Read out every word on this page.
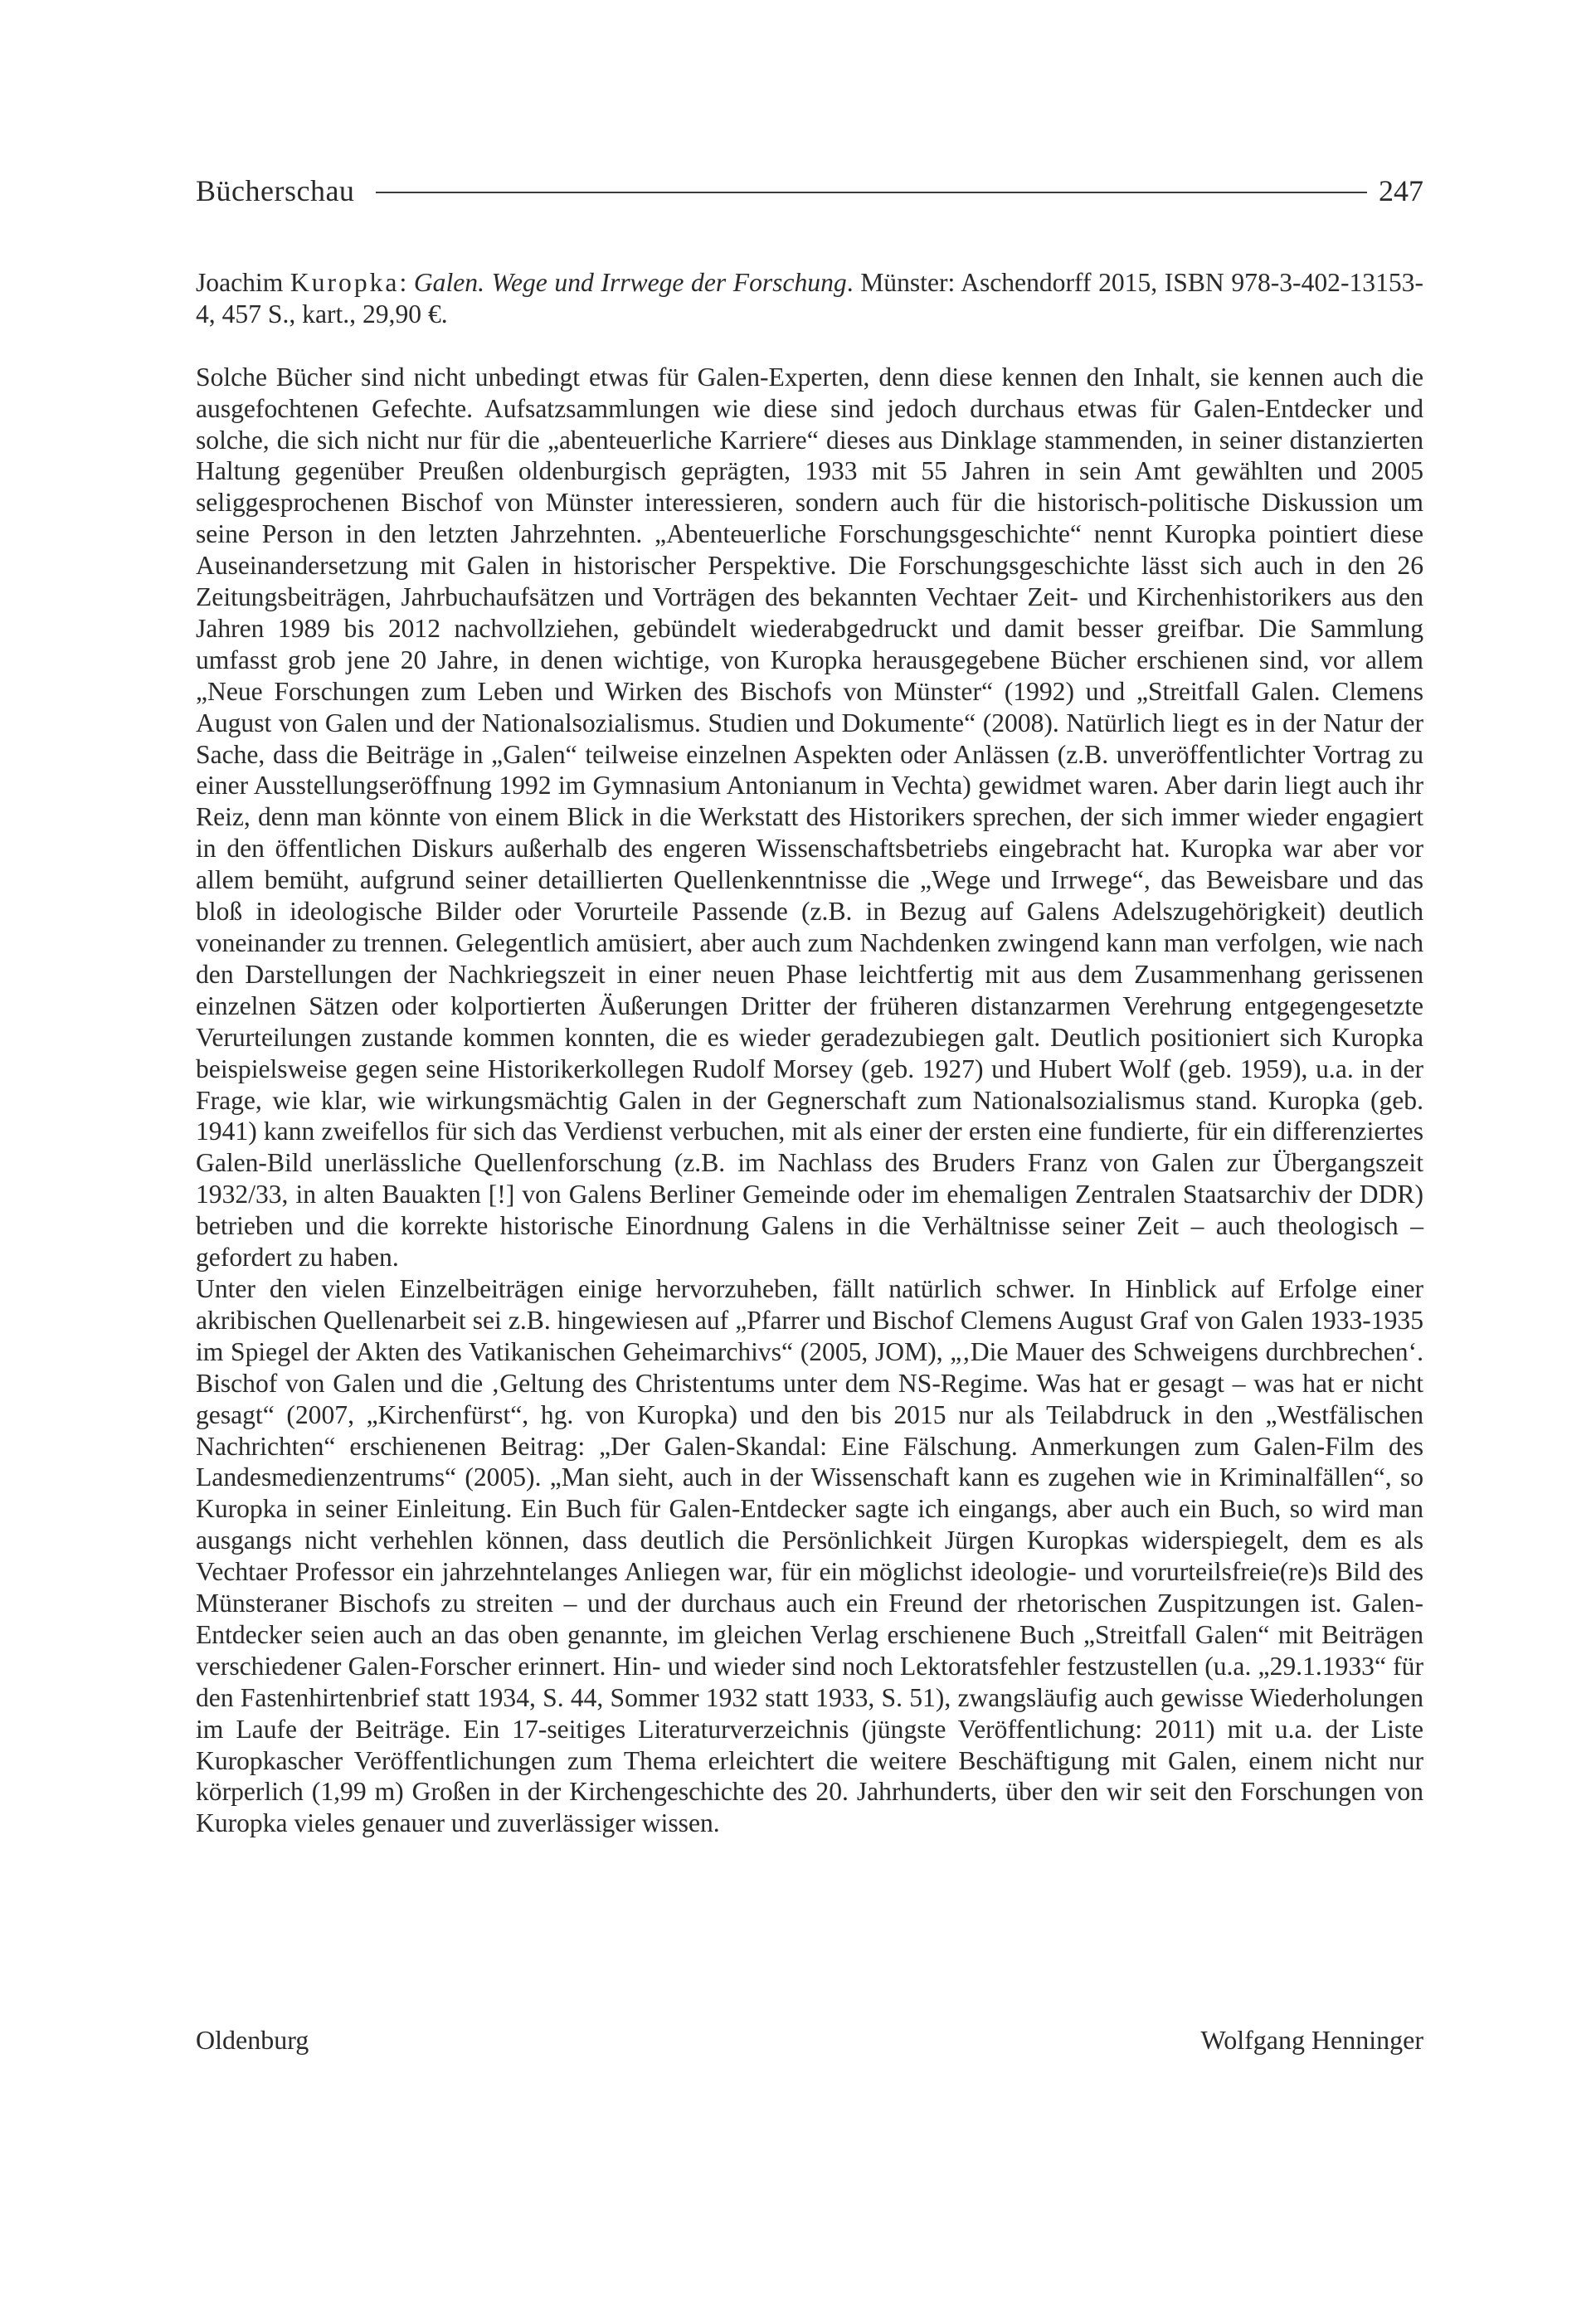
Bücherschau	247

Joachim Kuropka: Galen. Wege und Irrwege der Forschung. Münster: Aschendorff 2015, ISBN 978-3-402-13153-4, 457 S., kart., 29,90 €.

Solche Bücher sind nicht unbedingt etwas für Galen-Experten, denn diese kennen den Inhalt, sie kennen auch die ausgefochtenen Gefechte. Aufsatzsammlungen wie diese sind jedoch durchaus etwas für Galen-Entdecker und solche, die sich nicht nur für die „abenteuerliche Karriere“ dieses aus Dinklage stammenden, in seiner distanzierten Haltung gegenüber Preußen oldenburgisch geprägten, 1933 mit 55 Jahren in sein Amt gewählten und 2005 seliggesprochenen Bischof von Münster interessieren, sondern auch für die historisch-politische Diskussion um seine Person in den letzten Jahrzehnten. „Abenteuerliche Forschungsgeschichte“ nennt Kuropka pointiert diese Auseinandersetzung mit Galen in historischer Perspektive. Die Forschungsgeschichte lässt sich auch in den 26 Zeitungsbeiträgen, Jahrbuchaufsätzen und Vorträgen des bekannten Vechtaer Zeit- und Kirchenhistorikers aus den Jahren 1989 bis 2012 nachvollziehen, gebündelt wiederabgedruckt und damit besser greifbar. Die Sammlung umfasst grob jene 20 Jahre, in denen wichtige, von Kuropka herausgegebene Bücher erschienen sind, vor allem „Neue Forschungen zum Leben und Wirken des Bischofs von Münster“ (1992) und „Streitfall Galen. Clemens August von Galen und der Nationalsozialismus. Studien und Dokumente“ (2008). Natürlich liegt es in der Natur der Sache, dass die Beiträge in „Galen“ teilweise einzelnen Aspekten oder Anlässen (z.B. unveröffentlichter Vortrag zu einer Ausstellungseröffnung 1992 im Gymnasium Antonianum in Vechta) gewidmet waren. Aber darin liegt auch ihr Reiz, denn man könnte von einem Blick in die Werkstatt des Historikers sprechen, der sich immer wieder engagiert in den öffentlichen Diskurs außerhalb des engeren Wissenschaftsbetriebs eingebracht hat. Kuropka war aber vor allem bemüht, aufgrund seiner detaillierten Quellenkenntnisse die „Wege und Irrwege“, das Beweisbare und das bloß in ideologische Bilder oder Vorurteile Passende (z.B. in Bezug auf Galens Adelszugehörigkeit) deutlich voneinander zu trennen. Gelegentlich amüsiert, aber auch zum Nachdenken zwingend kann man verfolgen, wie nach den Darstellungen der Nachkriegszeit in einer neuen Phase leichtfertig mit aus dem Zusammenhang gerissenen einzelnen Sätzen oder kolportierten Äußerungen Dritter der früheren distanzarmen Verehrung entgegengesetzte Verurteilungen zustande kommen konnten, die es wieder geradezubiegen galt. Deutlich positioniert sich Kuropka beispielsweise gegen seine Historikerkollegen Rudolf Morsey (geb. 1927) und Hubert Wolf (geb. 1959), u.a. in der Frage, wie klar, wie wirkungsmächtig Galen in der Gegnerschaft zum Nationalsozialismus stand. Kuropka (geb. 1941) kann zweifellos für sich das Verdienst verbuchen, mit als einer der ersten eine fundierte, für ein differenziertes Galen-Bild unerlässliche Quellenforschung (z.B. im Nachlass des Bruders Franz von Galen zur Übergangszeit 1932/33, in alten Bauakten [!] von Galens Berliner Gemeinde oder im ehemaligen Zentralen Staatsarchiv der DDR) betrieben und die korrekte historische Einordnung Galens in die Verhältnisse seiner Zeit – auch theologisch – gefordert zu haben.

Unter den vielen Einzelbeiträgen einige hervorzuheben, fällt natürlich schwer. In Hinblick auf Erfolge einer akribischen Quellenarbeit sei z.B. hingewiesen auf „Pfarrer und Bischof Clemens August Graf von Galen 1933-1935 im Spiegel der Akten des Vatikanischen Geheimarchivs“ (2005, JOM), „‚Die Mauer des Schweigens durchbrechen‘. Bischof von Galen und die ‚Geltung des Christentums unter dem NS-Regime. Was hat er gesagt – was hat er nicht gesagt“ (2007, „Kirchenfürst“, hg. von Kuropka) und den bis 2015 nur als Teilabdruck in den „Westfälischen Nachrichten“ erschienenen Beitrag: „Der Galen-Skandal: Eine Fälschung. Anmerkungen zum Galen-Film des Landesmedienzentrums“ (2005). „Man sieht, auch in der Wissenschaft kann es zugehen wie in Kriminalfällen“, so Kuropka in seiner Einleitung. Ein Buch für Galen-Entdecker sagte ich eingangs, aber auch ein Buch, so wird man ausgangs nicht verhehlen können, dass deutlich die Persönlichkeit Jürgen Kuropkas widerspiegelt, dem es als Vechtaer Professor ein jahrzehntelanges Anliegen war, für ein möglichst ideologie- und vorurteilsfreie(re)s Bild des Münsteraner Bischofs zu streiten – und der durchaus auch ein Freund der rhetorischen Zuspitzungen ist. Galen-Entdecker seien auch an das oben genannte, im gleichen Verlag erschienene Buch „Streitfall Galen“ mit Beiträgen verschiedener Galen-Forscher erinnert. Hin- und wieder sind noch Lektoratsfehler festzustellen (u.a. „29.1.1933“ für den Fastenhirtenbrief statt 1934, S. 44, Sommer 1932 statt 1933, S. 51), zwangsläufig auch gewisse Wiederholungen im Laufe der Beiträge. Ein 17-seitiges Literaturverzeichnis (jüngste Veröffentlichung: 2011) mit u.a. der Liste Kuropkascher Veröffentlichungen zum Thema erleichtert die weitere Beschäftigung mit Galen, einem nicht nur körperlich (1,99 m) Großen in der Kirchengeschichte des 20. Jahrhunderts, über den wir seit den Forschungen von Kuropka vieles genauer und zuverlässiger wissen.

Oldenburg	Wolfgang Henninger
